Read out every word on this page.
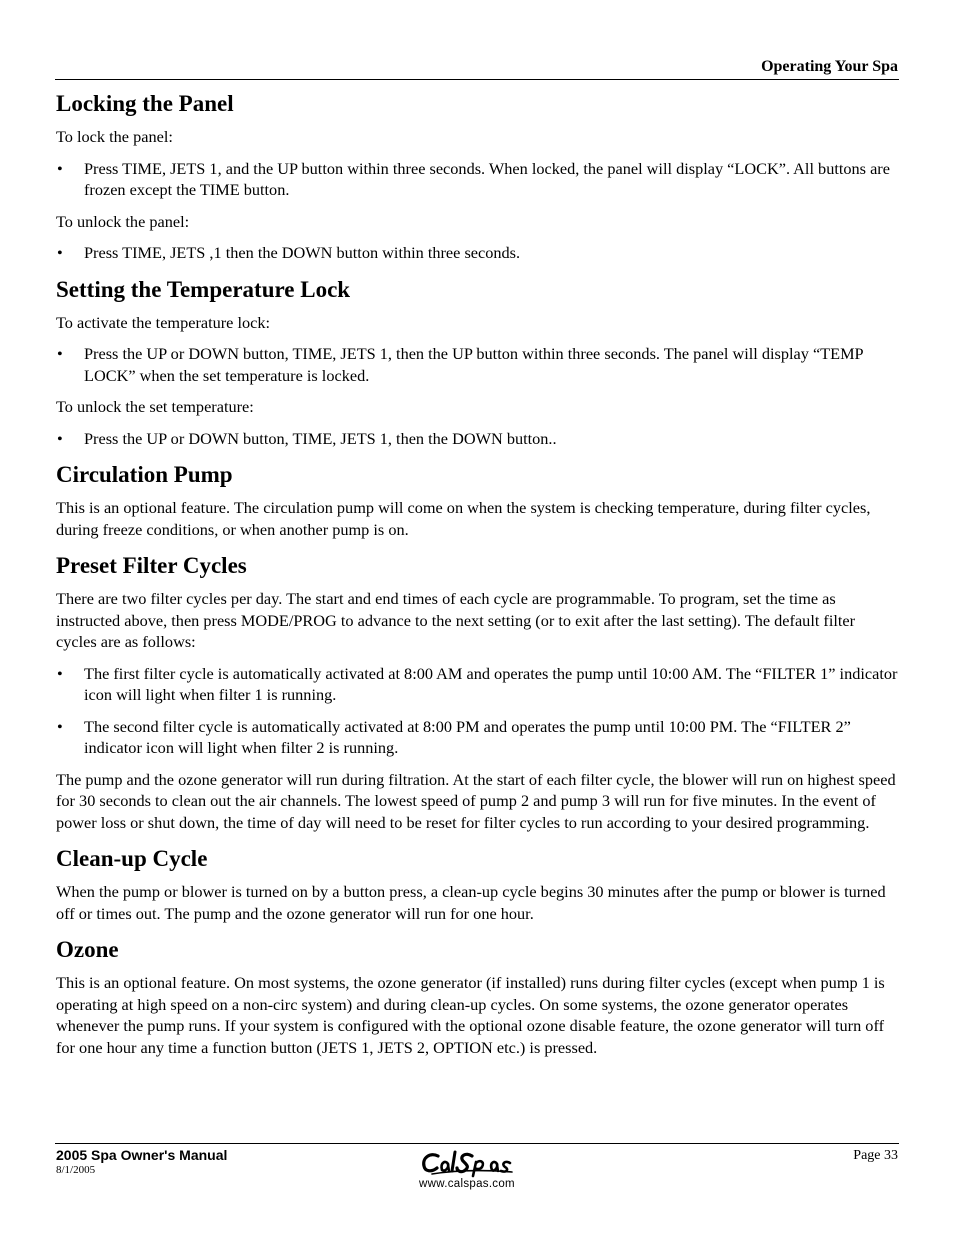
Operating Your Spa
Locking the Panel

To lock the panel:

• Press TIME, JETS 1, and the UP button within three seconds. When locked, the panel will display “LOCK”. All buttons are frozen except the TIME button.

To unlock the panel:

• Press TIME, JETS ,1 then the DOWN button within three seconds.
Setting the Temperature Lock

To activate the temperature lock:

• Press the UP or DOWN button, TIME, JETS 1, then the UP button within three seconds. The panel will display “TEMP LOCK” when the set temperature is locked.

To unlock the set temperature:

• Press the UP or DOWN button, TIME, JETS 1, then the DOWN button..
Circulation Pump

This is an optional feature. The circulation pump will come on when the system is checking temperature, during filter cycles, during freeze conditions, or when another pump is on.

Preset Filter Cycles

There are two filter cycles per day. The start and end times of each cycle are programmable. To program, set the time as instructed above, then press MODE/PROG to advance to the next setting (or to exit after the last setting). The default filter cycles are as follows:

• The first filter cycle is automatically activated at 8:00 AM and operates the pump until 10:00 AM. The “FILTER 1” indicator icon will light when filter 1 is running.
• The second filter cycle is automatically activated at 8:00 PM and operates the pump until 10:00 PM. The “FILTER 2” indicator icon will light when filter 2 is running.

The pump and the ozone generator will run during filtration. At the start of each filter cycle, the blower will run on highest speed for 30 seconds to clean out the air channels. The lowest speed of pump 2 and pump 3 will run for five minutes. In the event of power loss or shut down, the time of day will need to be reset for filter cycles to run according to your desired programming.

Clean-up Cycle

When the pump or blower is turned on by a button press, a clean-up cycle begins 30 minutes after the pump or blower is turned off or times out. The pump and the ozone generator will run for one hour.

Ozone

This is an optional feature. On most systems, the ozone generator (if installed) runs during filter cycles (except when pump 1 is operating at high speed on a non-circ system) and during clean-up cycles. On some systems, the ozone generator operates whenever the pump runs. If your system is configured with the optional ozone disable feature, the ozone generator will turn off for one hour any time a function button (JETS 1, JETS 2, OPTION etc.) is pressed.

2005 Spa Owner's Manual
8/1/2005
Page 33
www.calspas.com
